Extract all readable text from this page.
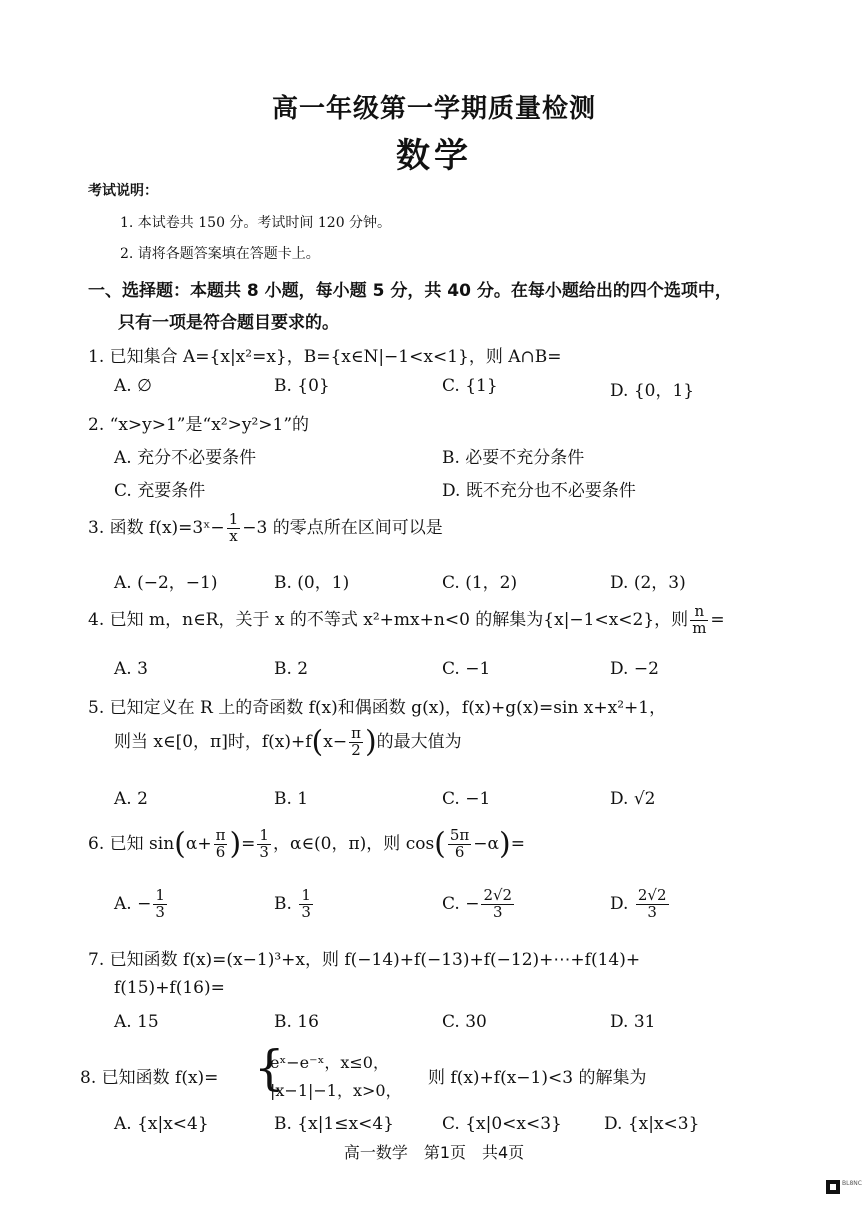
高一年级第一学期质量检测
数学
考试说明：
1. 本试卷共 150 分。考试时间 120 分钟。
2. 请将各题答案填在答题卡上。
一、选择题：本题共 8 小题，每小题 5 分，共 40 分。在每小题给出的四个选项中，
只有一项是符合题目要求的。
1. 已知集合 A={x|x²=x}，B={x∈N|−1<x<1}，则 A∩B=
A. ∅	B. {0}	C. {1}	D. {0，1}
2. “x>y>1”是“x²>y²>1”的
A. 充分不必要条件	B. 必要不充分条件
C. 充要条件	D. 既不充分也不必要条件
3. 函数 f(x)=3ˣ− $\frac{1}{x} -3$ 的零点所在区间可以是
A. (−2，−1)	B. (0，1)	C. (1，2)	D. (2，3)
4. 已知 m，n∈R，关于 x 的不等式 x²+mx+n<0 的解集为{x|−1<x<2}，则 $\frac{n}{m}$ =
A. 3	B. 2	C. −1	D. −2
5. 已知定义在 R 上的奇函数 f(x)和偶函数 g(x)，f(x)+g(x)=sin x+x²+1，
则当 x∈[0，π]时，$f(x)+f(x- \frac{\pi}{2}$ )的最大值为
A. 2	B. 1	C. −1	D. √2
6. 已知 $\sin(\alpha+ \frac{\pi}{6}$ )= $\frac{1}{3}$ ，α∈(0，π)，则 $\cos( \frac{5\pi}{6} -\alpha)=$
A. − $\frac{1}{3}$	B. $\frac{1}{3}$	C. − $\frac{2√2}{3}$	D. $\frac{2√2}{3}$
7. 已知函数 f(x)=(x−1)³+x，则 f(−14)+f(−13)+f(−12)+⋯+f(14)+
f(15)+f(16)=
A. 15	B. 16	C. 30	D. 31
8. 已知函数 f(x)= {
eˣ−e⁻ˣ，x≤0，
|x−1|−1，x>0，
则 f(x)+f(x−1)<3 的解集为
A. {x|x<4}	B. {x|1≤x<4}	C. {x|0<x<3} D. {x|x<3}
高一数学　第1页　共4页
BL8NC
